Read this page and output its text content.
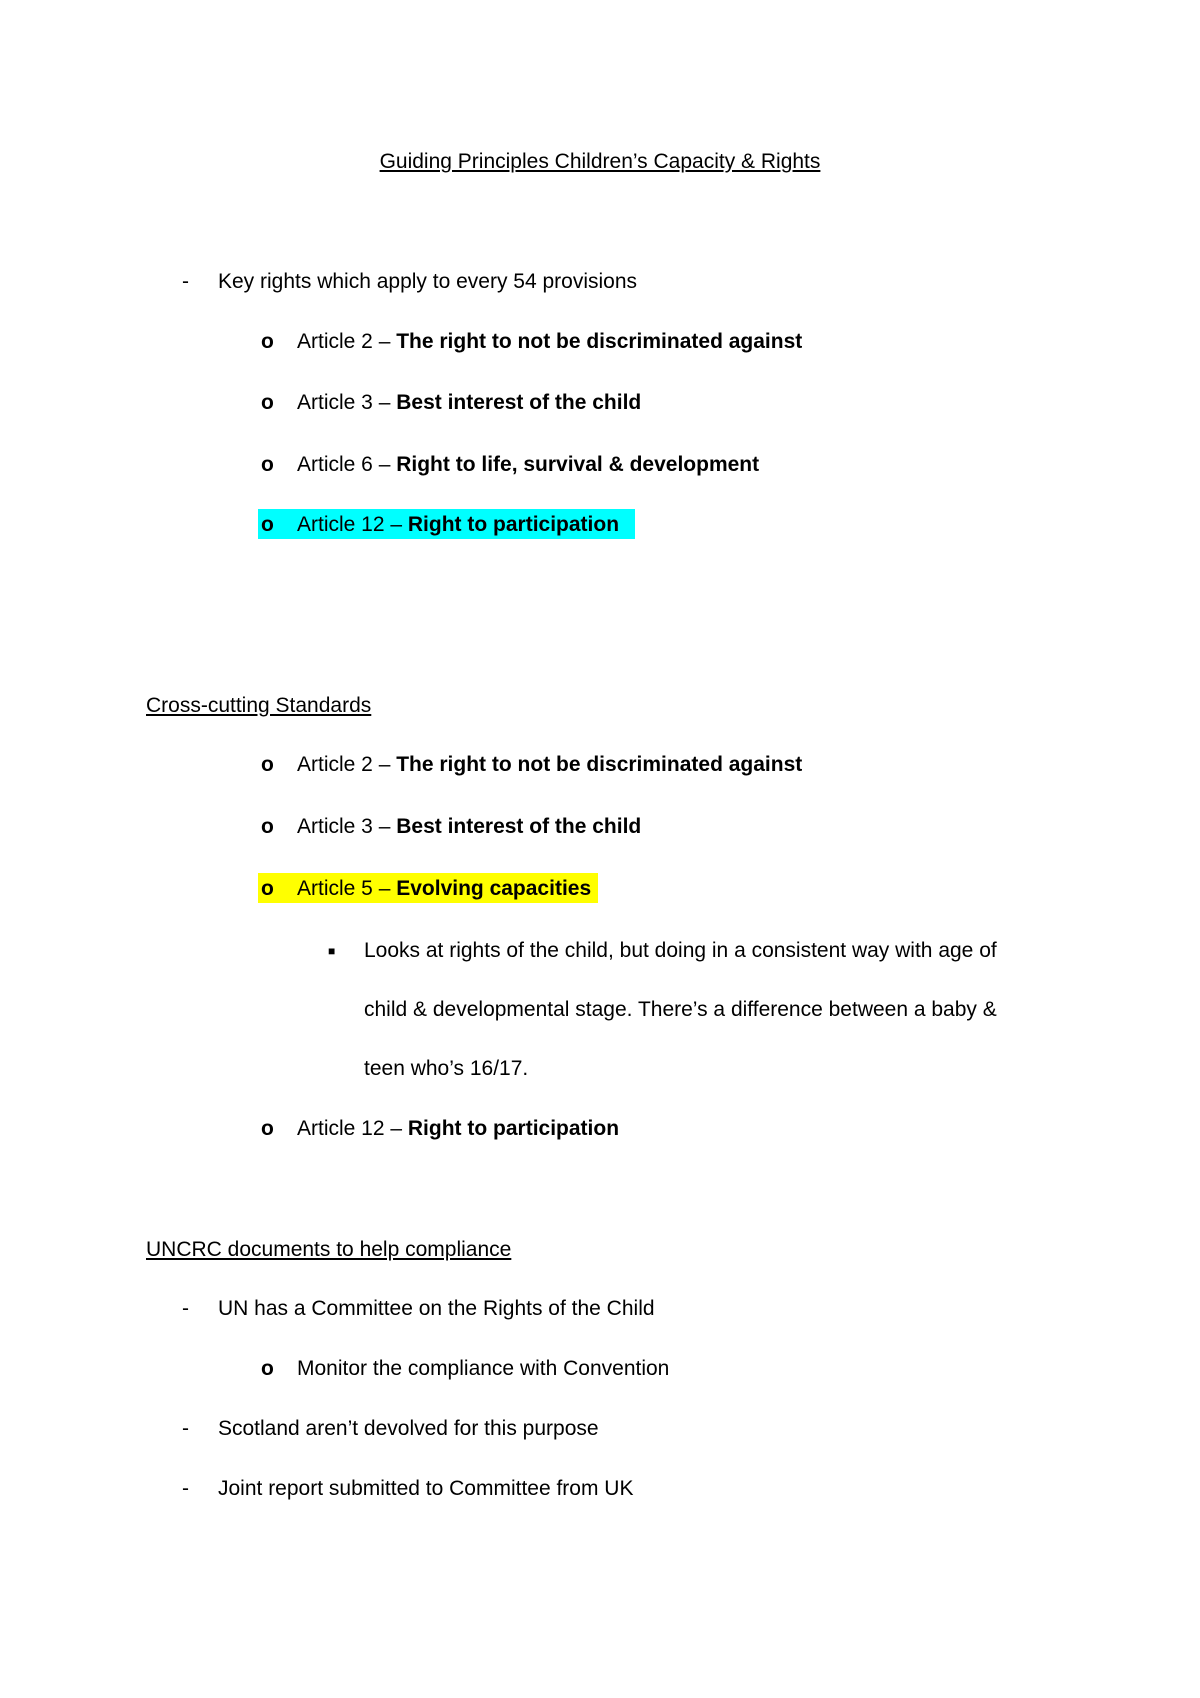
Guiding Principles Children’s Capacity & Rights
- Key rights which apply to every 54 provisions
o Article 2 – The right to not be discriminated against
o Article 3 – Best interest of the child
o Article 6 – Right to life, survival & development
o Article 12 – Right to participation
Cross-cutting Standards
o Article 2 – The right to not be discriminated against
o Article 3 – Best interest of the child
o Article 5 – Evolving capacities
■ Looks at rights of the child, but doing in a consistent way with age of
child & developmental stage. There’s a difference between a baby &
teen who’s 16/17.
o Article 12 – Right to participation
UNCRC documents to help compliance
- UN has a Committee on the Rights of the Child
o Monitor the compliance with Convention
- Scotland aren’t devolved for this purpose
- Joint report submitted to Committee from UK
